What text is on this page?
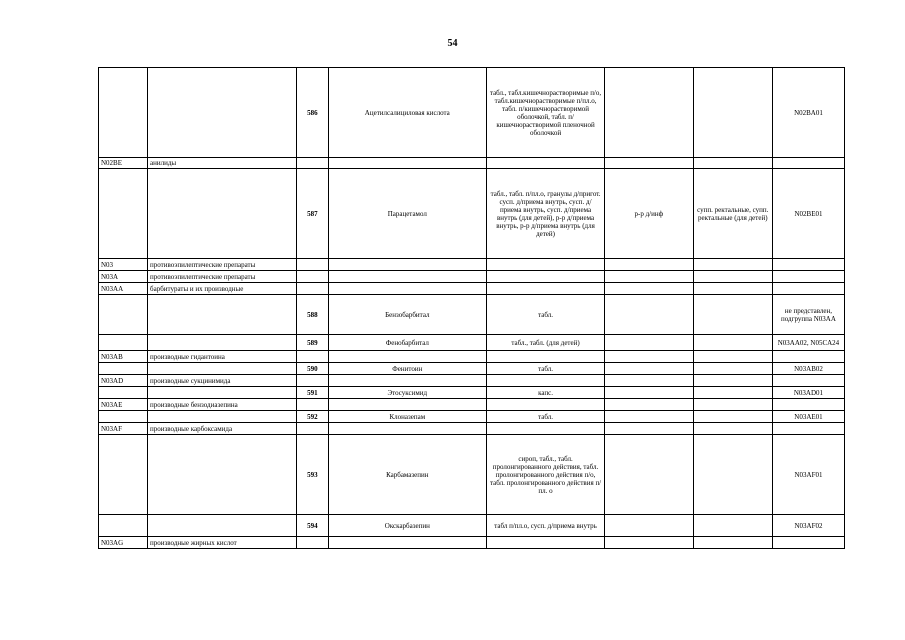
54
		586	Ацетилсалициловая кислота	табл., табл.кишечнорастворимые п/о, табл.кишечнорастворимые п/пл.о, табл. п/кишечнорастворимой оболочкой, табл. п/кишечнорастворимой пленочной оболочкой			N02BA01
N02BE	анилиды						
		587	Парацетамол	табл., табл. п/пл.о, гранулы д/пригот. сусп. д/приема внутрь, сусп. д/приема внутрь, сусп. д/приема внутрь (для детей), р-р д/приема внутрь, р-р д/приема внутрь (для детей)	р-р д/инф	супп. ректальные, супп. ректальные (для детей)	N02BE01
N03	противоэпилептические препараты						
N03A	противоэпилептические препараты						
N03AA	барбитураты и их производные						
		588	Бензобарбитал	табл.			не представлен, подгруппа N03AA
		589	Фенобарбитал	табл., табл. (для детей)			N03AA02, N05CA24
N03AB	производные гидантоина						
		590	Фенитоин	табл.			N03AB02
N03AD	производные сукцинимида						
		591	Этосуксимид	капс.			N03AD01
N03AE	производные бензодиазепина						
		592	Клоназепам	табл.			N03AE01
N03AF	производные карбоксамида						
		593	Карбамазепин	сироп, табл., табл. пролонгированного действия, табл. пролонгированного действия п/о, табл. пролонгированного действия п/пл. о			N03AF01
		594	Окскарбазепин	табл п/пл.о, сусп. д/приема внутрь			N03AF02
N03AG	производные жирных кислот						
